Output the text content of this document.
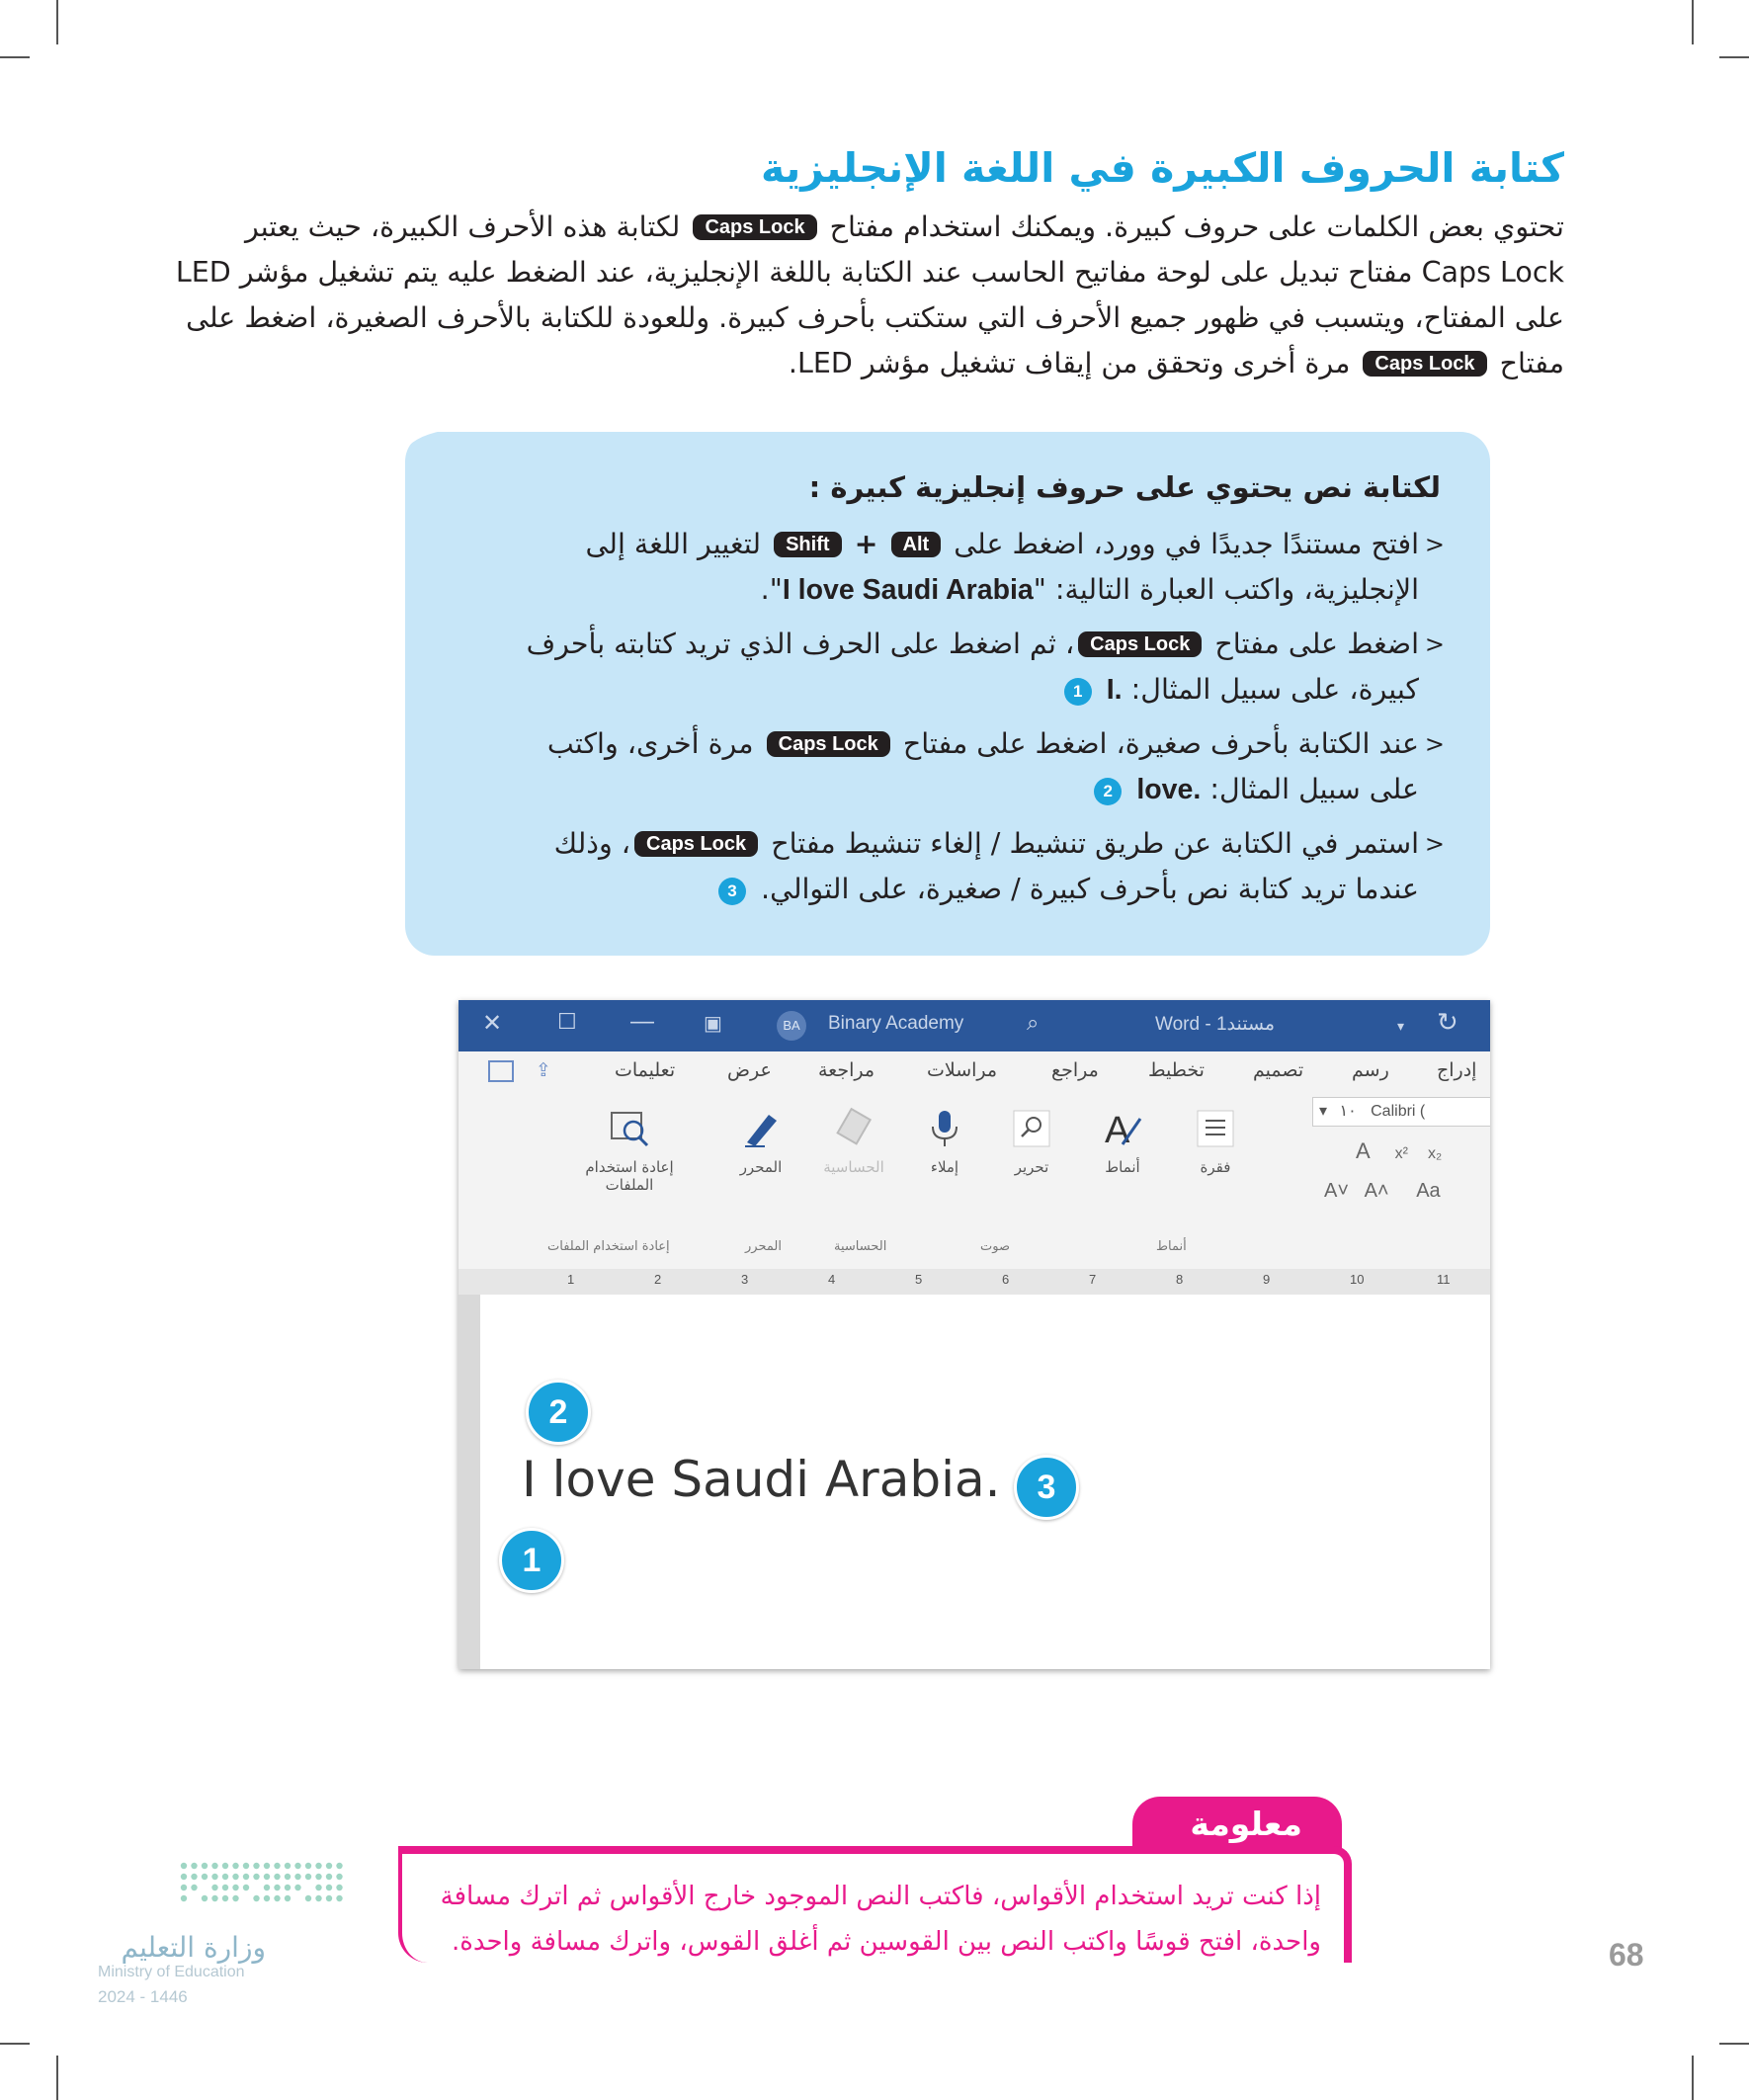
كتابة الحروف الكبيرة في اللغة الإنجليزية
تحتوي بعض الكلمات على حروف كبيرة. ويمكنك استخدام مفتاح Caps Lock لكتابة هذه الأحرف الكبيرة، حيث يعتبر
Caps Lock مفتاح تبديل على لوحة مفاتيح الحاسب عند الكتابة باللغة الإنجليزية، عند الضغط عليه يتم تشغيل مؤشر LED
على المفتاح، ويتسبب في ظهور جميع الأحرف التي ستكتب بأحرف كبيرة. وللعودة للكتابة بالأحرف الصغيرة، اضغط على
مفتاح Caps Lock مرة أخرى وتحقق من إيقاف تشغيل مؤشر LED.
لكتابة نص يحتوي على حروف إنجليزية كبيرة :
<
افتح مستندًا جديدًا في وورد، اضغط على Alt + Shift لتغيير اللغة إلى
الإنجليزية، واكتب العبارة التالية: "I love Saudi Arabia".
<
اضغط على مفتاح Caps Lock، ثم اضغط على الحرف الذي تريد كتابته بأحرف
كبيرة، على سبيل المثال: I. 1
<
عند الكتابة بأحرف صغيرة، اضغط على مفتاح Caps Lock مرة أخرى، واكتب
على سبيل المثال: love. 2
<
استمر في الكتابة عن طريق تنشيط / إلغاء تنشيط مفتاح Caps Lock، وذلك
عندما تريد كتابة نص بأحرف كبيرة / صغيرة، على التوالي. 3
✕	☐ —	▣	BA	Binary Academy	⌕	Word - مستند1	▾ ↻
⇪	تعليمات	عرض مراجعة	مراسلات	مراجع	تخطيط	تصميم	رسم	إدراج
إعادة استخدام الملفات
المحرر	الحساسية	إملاء	تحرير
A
أنماط	فقرة
▾ ١٠ Calibri (
A x² x₂
A˅ A˄ Aa
إعادة استخدام الملفات	المحرر	الحساسية	صوت	أنماط
1	2	3	4	5	6	7	8	9	10	11
I love Saudi Arabia.
2
3
1
معلومة
إذا كنت تريد استخدام الأقواس، فاكتب النص الموجود خارج الأقواس ثم اترك مسافة
واحدة، افتح قوسًا واكتب النص بين القوسين ثم أغلق القوس، واترك مسافة واحدة.	68
وزارة التعليم
Ministry of Education
2024 - 1446
